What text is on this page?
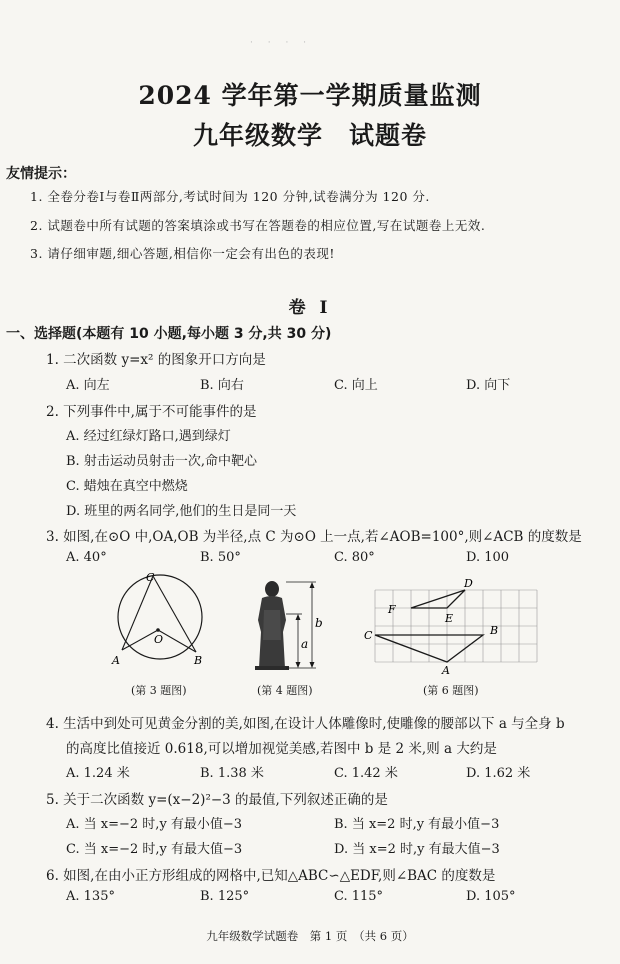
· · · ·
2024 学年第一学期质量监测
九年级数学　试题卷
友情提示：
1. 全卷分卷Ⅰ与卷Ⅱ两部分,考试时间为 120 分钟,试卷满分为 120 分.
2. 试题卷中所有试题的答案填涂或书写在答题卷的相应位置,写在试题卷上无效.
3. 请仔细审题,细心答题,相信你一定会有出色的表现!
卷 Ⅰ
一、选择题(本题有 10 小题,每小题 3 分,共 30 分)
1. 二次函数 y=x² 的图象开口方向是
A. 向左	B. 向右	C. 向上	D. 向下
2. 下列事件中,属于不可能事件的是
A. 经过红绿灯路口,遇到绿灯
B. 射击运动员射击一次,命中靶心
C. 蜡烛在真空中燃烧
D. 班里的两名同学,他们的生日是同一天
3. 如图,在⊙O 中,OA,OB 为半径,点 C 为⊙O 上一点,若∠AOB=100°,则∠ACB 的度数是
A. 40°	B. 50°	C. 80°	D. 100
C
O
A	B
(第 3 题图)
b
a
(第 4 题图)
D
F
E
C	B
A
(第 6 题图)
4. 生活中到处可见黄金分割的美,如图,在设计人体雕像时,使雕像的腰部以下 a 与全身 b
的高度比值接近 0.618,可以增加视觉美感,若图中 b 是 2 米,则 a 大约是
A. 1.24 米	B. 1.38 米	C. 1.42 米	D. 1.62 米
5. 关于二次函数 y=(x−2)²−3 的最值,下列叙述正确的是
A. 当 x=−2 时,y 有最小值−3	B. 当 x=2 时,y 有最小值−3
C. 当 x=−2 时,y 有最大值−3	D. 当 x=2 时,y 有最大值−3
6. 如图,在由小正方形组成的网格中,已知△ABC∽△EDF,则∠BAC 的度数是
A. 135°	B. 125°	C. 115°	D. 105°
九年级数学试题卷　第 1 页　（共 6 页）
